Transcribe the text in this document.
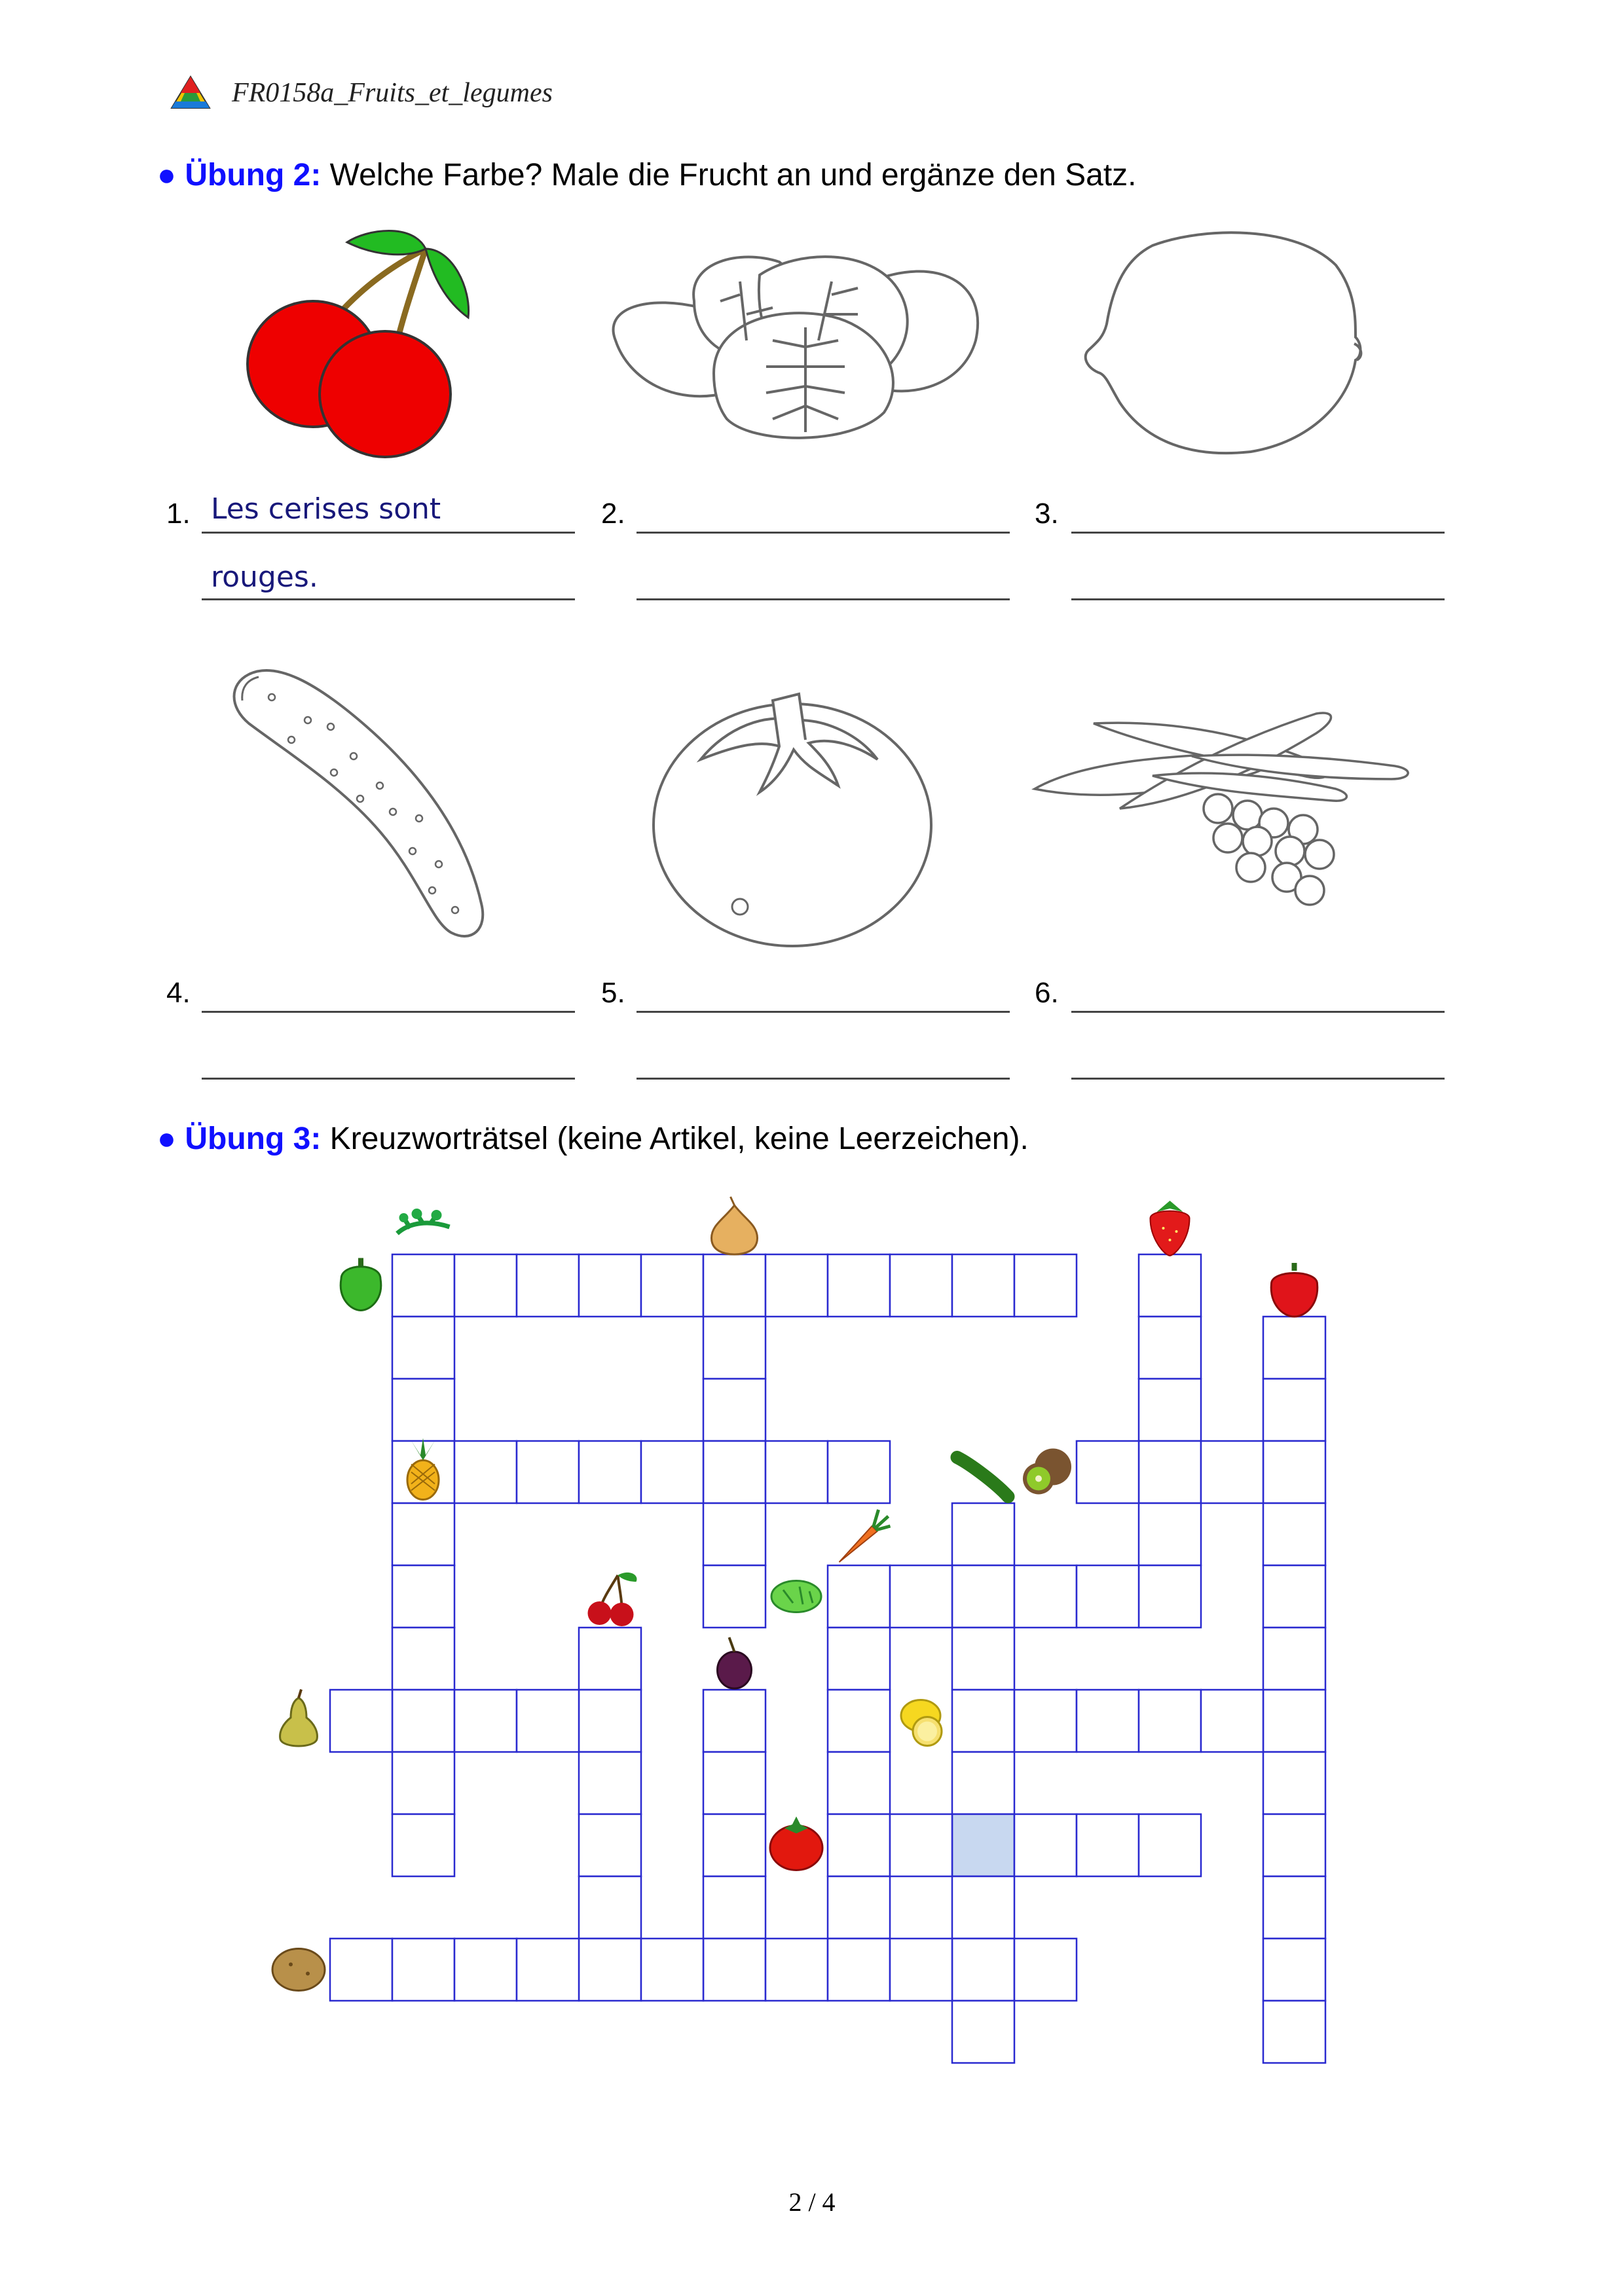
FR0158a_Fruits_et_legumes
● Übung 2: Welche Farbe? Male die Frucht an und ergänze den Satz.
1. Les cerises sont
rouges.
2.	3.
4.	5.	6.
● Übung 3: Kreuzworträtsel (keine Artikel, keine Leerzeichen).
2 / 4
